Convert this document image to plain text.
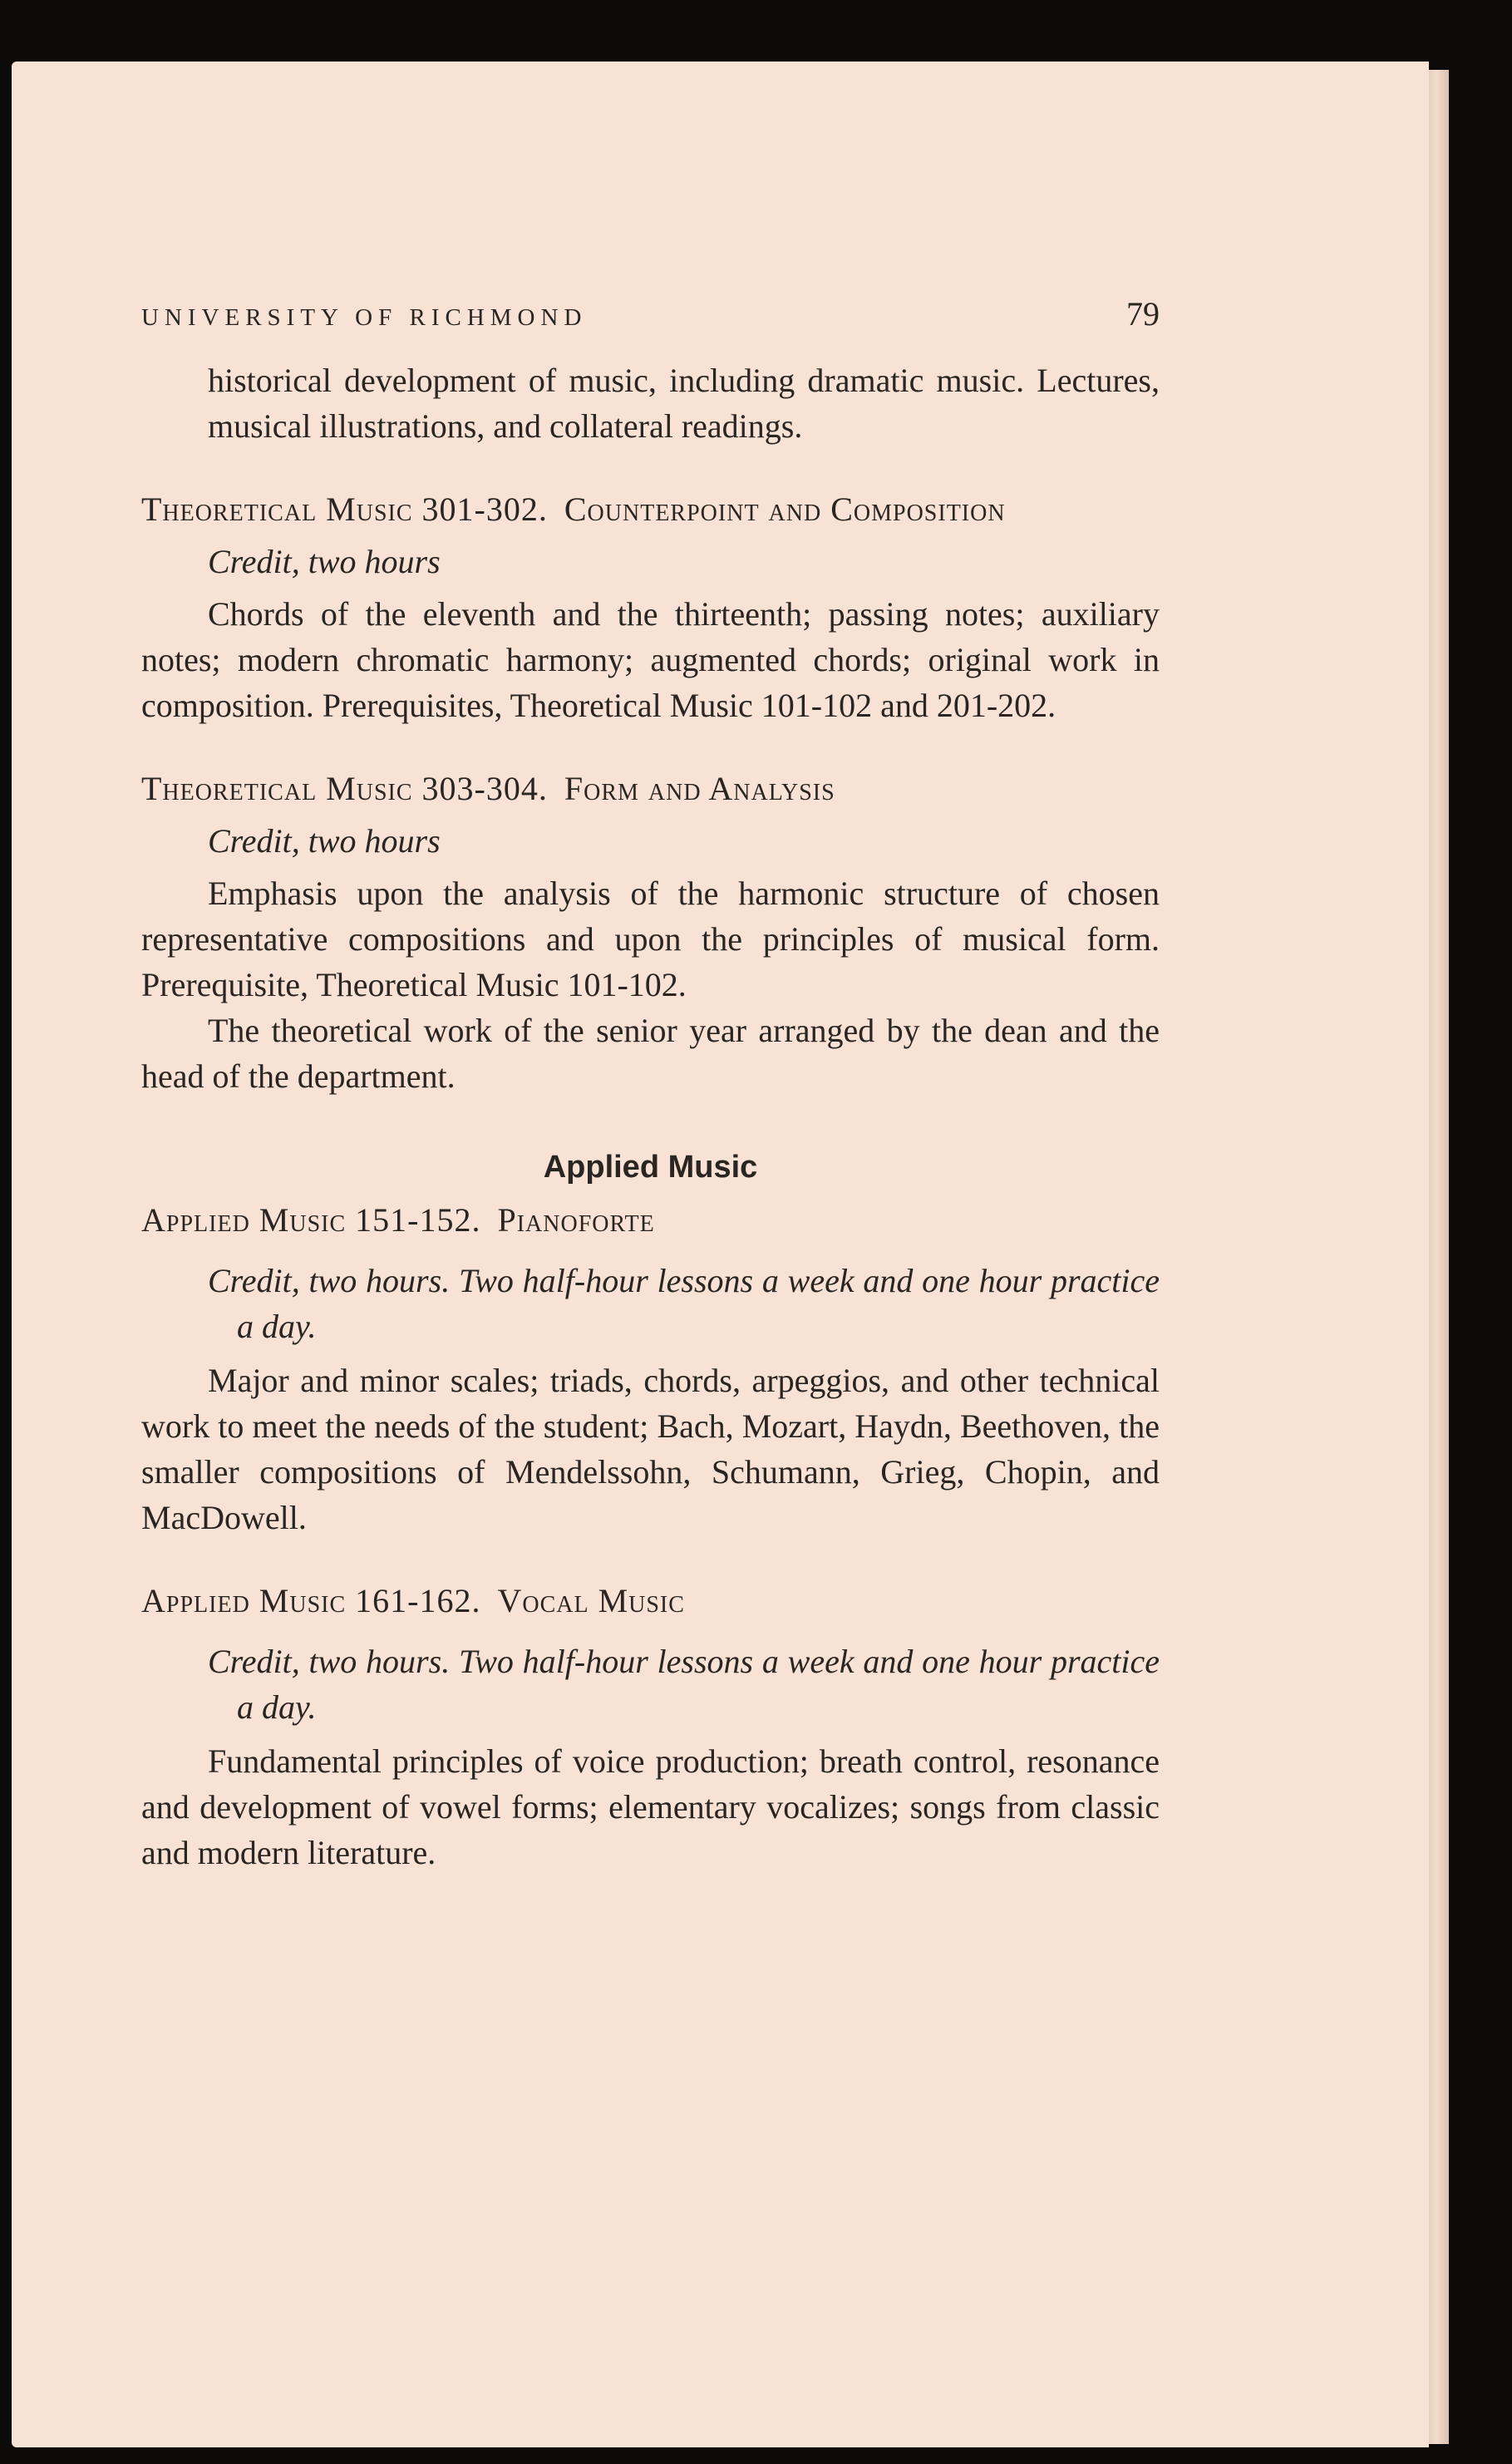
UNIVERSITY OF RICHMOND	79

historical development of music, including dramatic music. Lectures, musical illustrations, and collateral readings.

Theoretical Music 301-302. Counterpoint and Composition

Credit, two hours

Chords of the eleventh and the thirteenth; passing notes; auxiliary notes; modern chromatic harmony; augmented chords; original work in composition. Prerequisites, Theoretical Music 101-102 and 201-202.

Theoretical Music 303-304. Form and Analysis

Credit, two hours

Emphasis upon the analysis of the harmonic structure of chosen representative compositions and upon the principles of musical form. Prerequisite, Theoretical Music 101-102.

The theoretical work of the senior year arranged by the dean and the head of the department.

Applied Music
Applied Music 151-152. Pianoforte

Credit, two hours. Two half-hour lessons a week and one hour practice a day.

Major and minor scales; triads, chords, arpeggios, and other technical work to meet the needs of the student; Bach, Mozart, Haydn, Beethoven, the smaller compositions of Mendelssohn, Schumann, Grieg, Chopin, and MacDowell.

Applied Music 161-162. Vocal Music

Credit, two hours. Two half-hour lessons a week and one hour practice a day.

Fundamental principles of voice production; breath control, resonance and development of vowel forms; elementary vocalizes; songs from classic and modern literature.
